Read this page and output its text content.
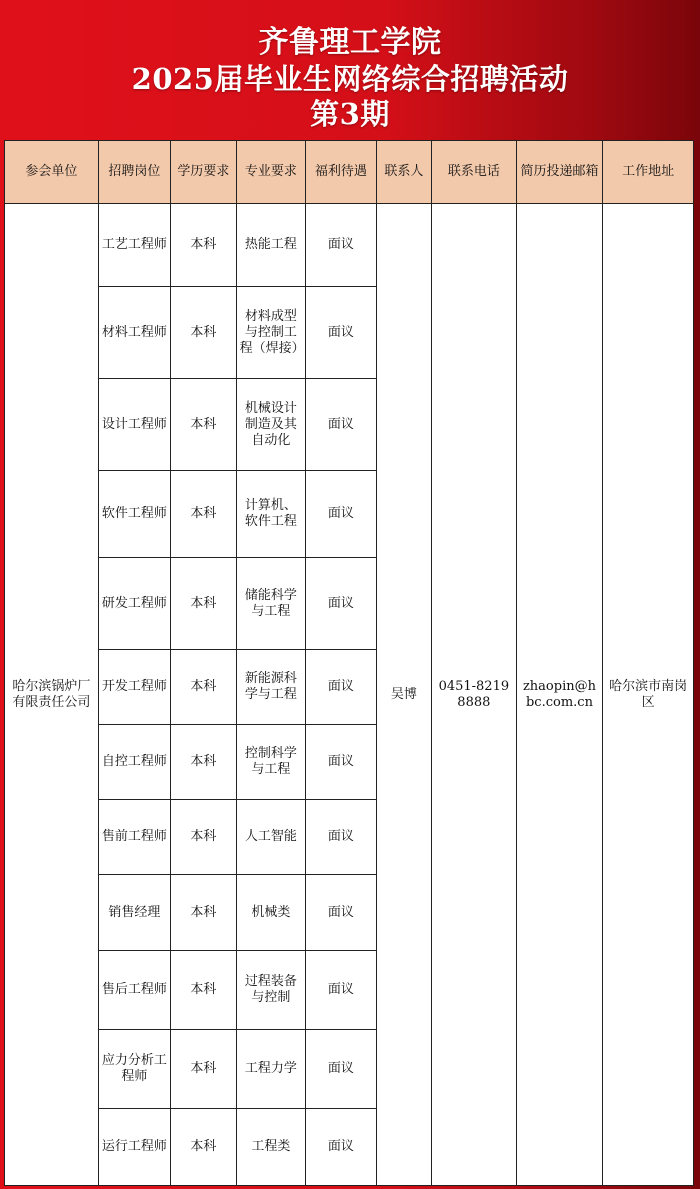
齐鲁理工学院
2025届毕业生网络综合招聘活动
第3期
参会单位	招聘岗位	学历要求	专业要求	福利待遇	联系人	联系电话	简历投递邮箱	工作地址
哈尔滨锅炉厂有限责任公司	工艺工程师	本科	热能工程	面议	吴博	0451-82198888	zhaopin@hbc.com.cn	哈尔滨市南岗区
	材料工程师	本科	材料成型与控制工程（焊接）	面议				
	设计工程师	本科	机械设计制造及其自动化	面议				
	软件工程师	本科	计算机、软件工程	面议				
	研发工程师	本科	储能科学与工程	面议				
	开发工程师	本科	新能源科学与工程	面议				
	自控工程师	本科	控制科学与工程	面议				
	售前工程师	本科	人工智能	面议				
	销售经理	本科	机械类	面议				
	售后工程师	本科	过程装备与控制	面议				
	应力分析工程师	本科	工程力学	面议				
	运行工程师	本科	工程类	面议				
